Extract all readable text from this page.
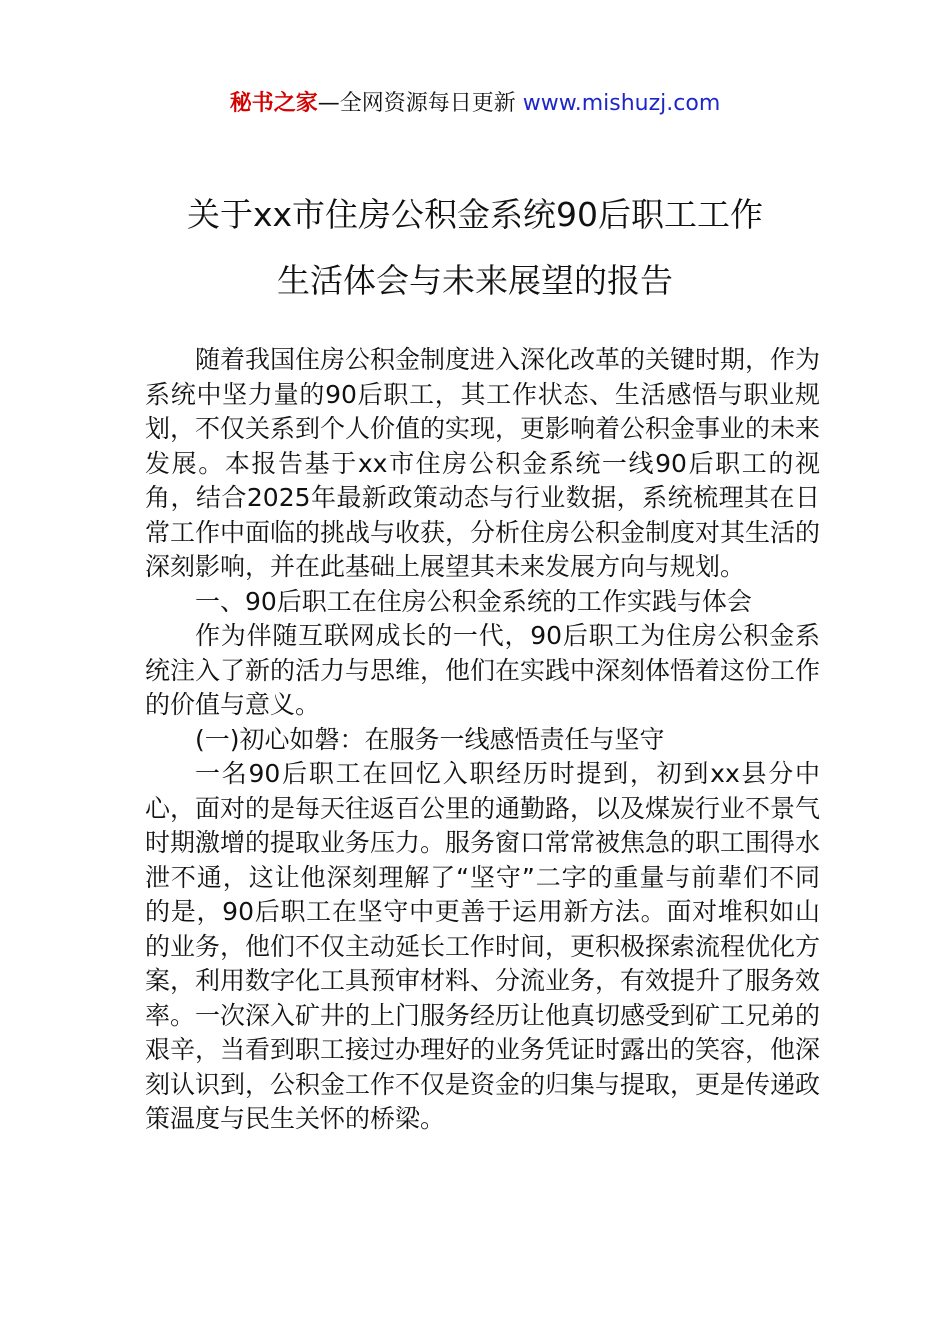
秘书之家—全网资源每日更新 www.mishuzj.com
关于xx市住房公积金系统90后职工工作
生活体会与未来展望的报告

随着我国住房公积金制度进入深化改革的关键时期，作为系统中坚力量的90后职工，其工作状态、生活感悟与职业规划，不仅关系到个人价值的实现，更影响着公积金事业的未来发展。本报告基于xx市住房公积金系统一线90后职工的视角，结合2025年最新政策动态与行业数据，系统梳理其在日常工作中面临的挑战与收获，分析住房公积金制度对其生活的深刻影响，并在此基础上展望其未来发展方向与规划。

一、90后职工在住房公积金系统的工作实践与体会

作为伴随互联网成长的一代，90后职工为住房公积金系统注入了新的活力与思维，他们在实践中深刻体悟着这份工作的价值与意义。

(一)初心如磐：在服务一线感悟责任与坚守

一名90后职工在回忆入职经历时提到，初到xx县分中心，面对的是每天往返百公里的通勤路，以及煤炭行业不景气时期激增的提取业务压力。服务窗口常常被焦急的职工围得水泄不通，这让他深刻理解了“坚守”二字的重量与前辈们不同的是，90后职工在坚守中更善于运用新方法。面对堆积如山的业务，他们不仅主动延长工作时间，更积极探索流程优化方案，利用数字化工具预审材料、分流业务，有效提升了服务效率。一次深入矿井的上门服务经历让他真切感受到矿工兄弟的艰辛，当看到职工接过办理好的业务凭证时露出的笑容，他深刻认识到，公积金工作不仅是资金的归集与提取，更是传递政策温度与民生关怀的桥梁。
